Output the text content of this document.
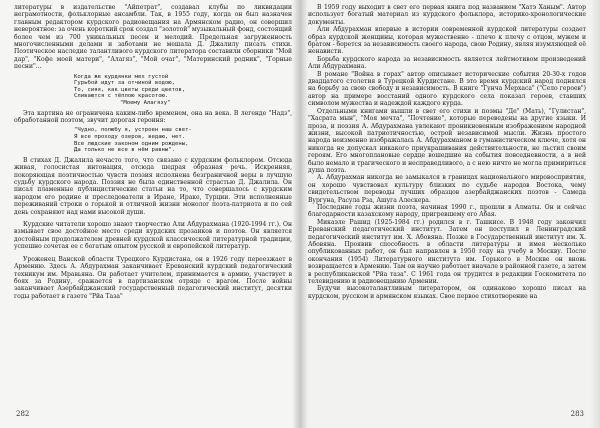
литературы в издательстве "Айпетрат", создавал клубы по ликвидации неграмотности, фольклорные ансамбли. Так, в 1955 году, когда он был назначен главным редактором курдского радиовещания на Армянском радио, он совершил невероятное: за очень короткий срок создал "золотой" музыкальный фонд, состоящий более чем из 700 уникальных песен и мелодий. Предельная загруженность многочисленными делами и заботами не мешала Д. Джалилу писать стихи. Поэтическое наследие талантливого курдского литератора составили сборники "Мой дар", "Кофе моей матери", "Алагяз", "Мой очаг", "Материнский родник", "Горные песни"...

Когда же курдянки мех густой
Гурьбой идут за отчиной водою,
То, сияя, как цветы среди цветов,
Сливаются с тёплою красотою.
"Моему Алагязу"

Эта картина не ограничена каким-либо временем, она на века. В легенде "Надз", обработанной поэтом, звучит дорогая героиня:

"Чудно, полюбу я, устроен наш свет-
Я все проходу озеров, ведаю, нет.
Все людские законом одним рождены,
Да только не все в нём равны".

В стихах Д. Джалила нечасто того, что связано с курдским фольклором. Отсюда живая, голосистая интонация, отсюда шедрая образная речь. Искренняя, покоряющая поэтичностью чувств поэзия исполнена безграничной веры в лучшую судьбу курдского народа. Поэзия не была единственной страстью Д. Джалила. Он писал пламенные публицистические статьи на то, что совершалось с курдским народом его родине и преследователи в Иране, Ираке, Турции. Эти исполненные переживаний строки о горькой и отличной жизни монолог поэта-патриота и по сей день сохраняют над нами высокой души.

Курдские читатели хорошо знают творчество Али Абдурахмана (1920-1994 гг.). Он взмывает свое достойное место среди курдских прозаиков и поэтов. Он является достойным продолжателем древней курдской классической литературной традиции, успешно сочетая ее с богатым опытом русской и европейской литератур.

Уроженец Ванской области Турецкого Курдистана, он в 1926 году переезжает в Армению. Здесь А. Абдурахман заканчивает Ереванский курдский педагогический техникум им. Мравьяна. Он работает учителем, принимается в армию, участвует в боях за Родину, сражается в партизанском отряде с врагом. После войны заканчивает Азербайджанский государственный педагогический институт, десятки годы работает в газете "Рйа Таза"

282

В 1959 году выходит в свет его первая книга под названием "Хатэ Ханым". Автор использует богатый материал из курдского фольклора, историко-хронологические документы.

Али Абдурахман впервые в истории современной курдской литературы создает образ курдской женщины, которая мужественно - плечо к плечу с отцом, мужем и братом - борется за независимость своего народа, свою Родину, являя изумляющей её ненависти.

Борьба курдского народа за независимость является лейтмотивом произведений Али Абдурахмана.

В романе "Война в горах" автор описывает исторические события 20-30-х годов двадцатого столетия в Турецкой Курдистане. В это время курдский народ поднялся на борьбу за свою свободу и независимость. В книге "Гунча Мерхаса" ("Село героев") автор на примере восстаний одного курдского села показал героев, ставших символом мужества и надеждой каждого курда.

Отдельными книгами вышли в свет его стихи и поэмы "Де" (Мать), "Гулистан", "Хасрата мын", "Моя мечта", "Почтение", которые переведены на другие языки. И проза, и поэзия А. Абдурахмана увлекают проникновенным изображением народной жизни, высокой патриотичностью, острой независимой мысли. Жизнь простого народа неизменно изображалась А. Абдурахманом в гуманистическом ключе, хотя он никогда не допускал никакого приукрашивания действительности, не льстил своим героям. Его многоплановые сердце вошедшие на события повседневности, а в ней было немало и трагического и несправедливого, а с нею ничто не могла примириться душа поэта.

А. Абдурахман никогда не замыкался в границах национального мировосприятия, он хорошо чувствовал культуру близких по судьбе народов Востока, чему свидетельством переводы лучших образцов азербайджанских поэтов - Самеда Вургуна, Расула Рза, Ашуга Алескера.

Последние годы жизни поэта, начиная 1990 г., прошли в Алматы. Он и сейчас благодарности казахскому народу, пригревшему его Абая.

Микаэле Рашид (1925-1984 гг.) родился в г. Ташкисе. В 1948 году закончил Ереванский педагогический институт. Затем он поступил в Ленинградский педагогический институт им. Х. Абовяна. Позже в Государственный институт им. Х. Абовяна. Проявив способность в области литературы и имея несколько опубликованных работ, он был направлен в 1950 году на учебу в Москву. После окончания (1954) Литературного института им. Горького в Москве он вновь возвращается в Армению. Там он научно работает вначале в районной газете, а затем в республиканской "Рйа таза". С 1961 года он трудится в редакции Госкомитета по телевидению и радиовещанию Армении.

Будучи высокоталантливым литератором, он одинаково хорошо писал на курдском, русском и армянском языках. Свое первое стихотворение на

283
